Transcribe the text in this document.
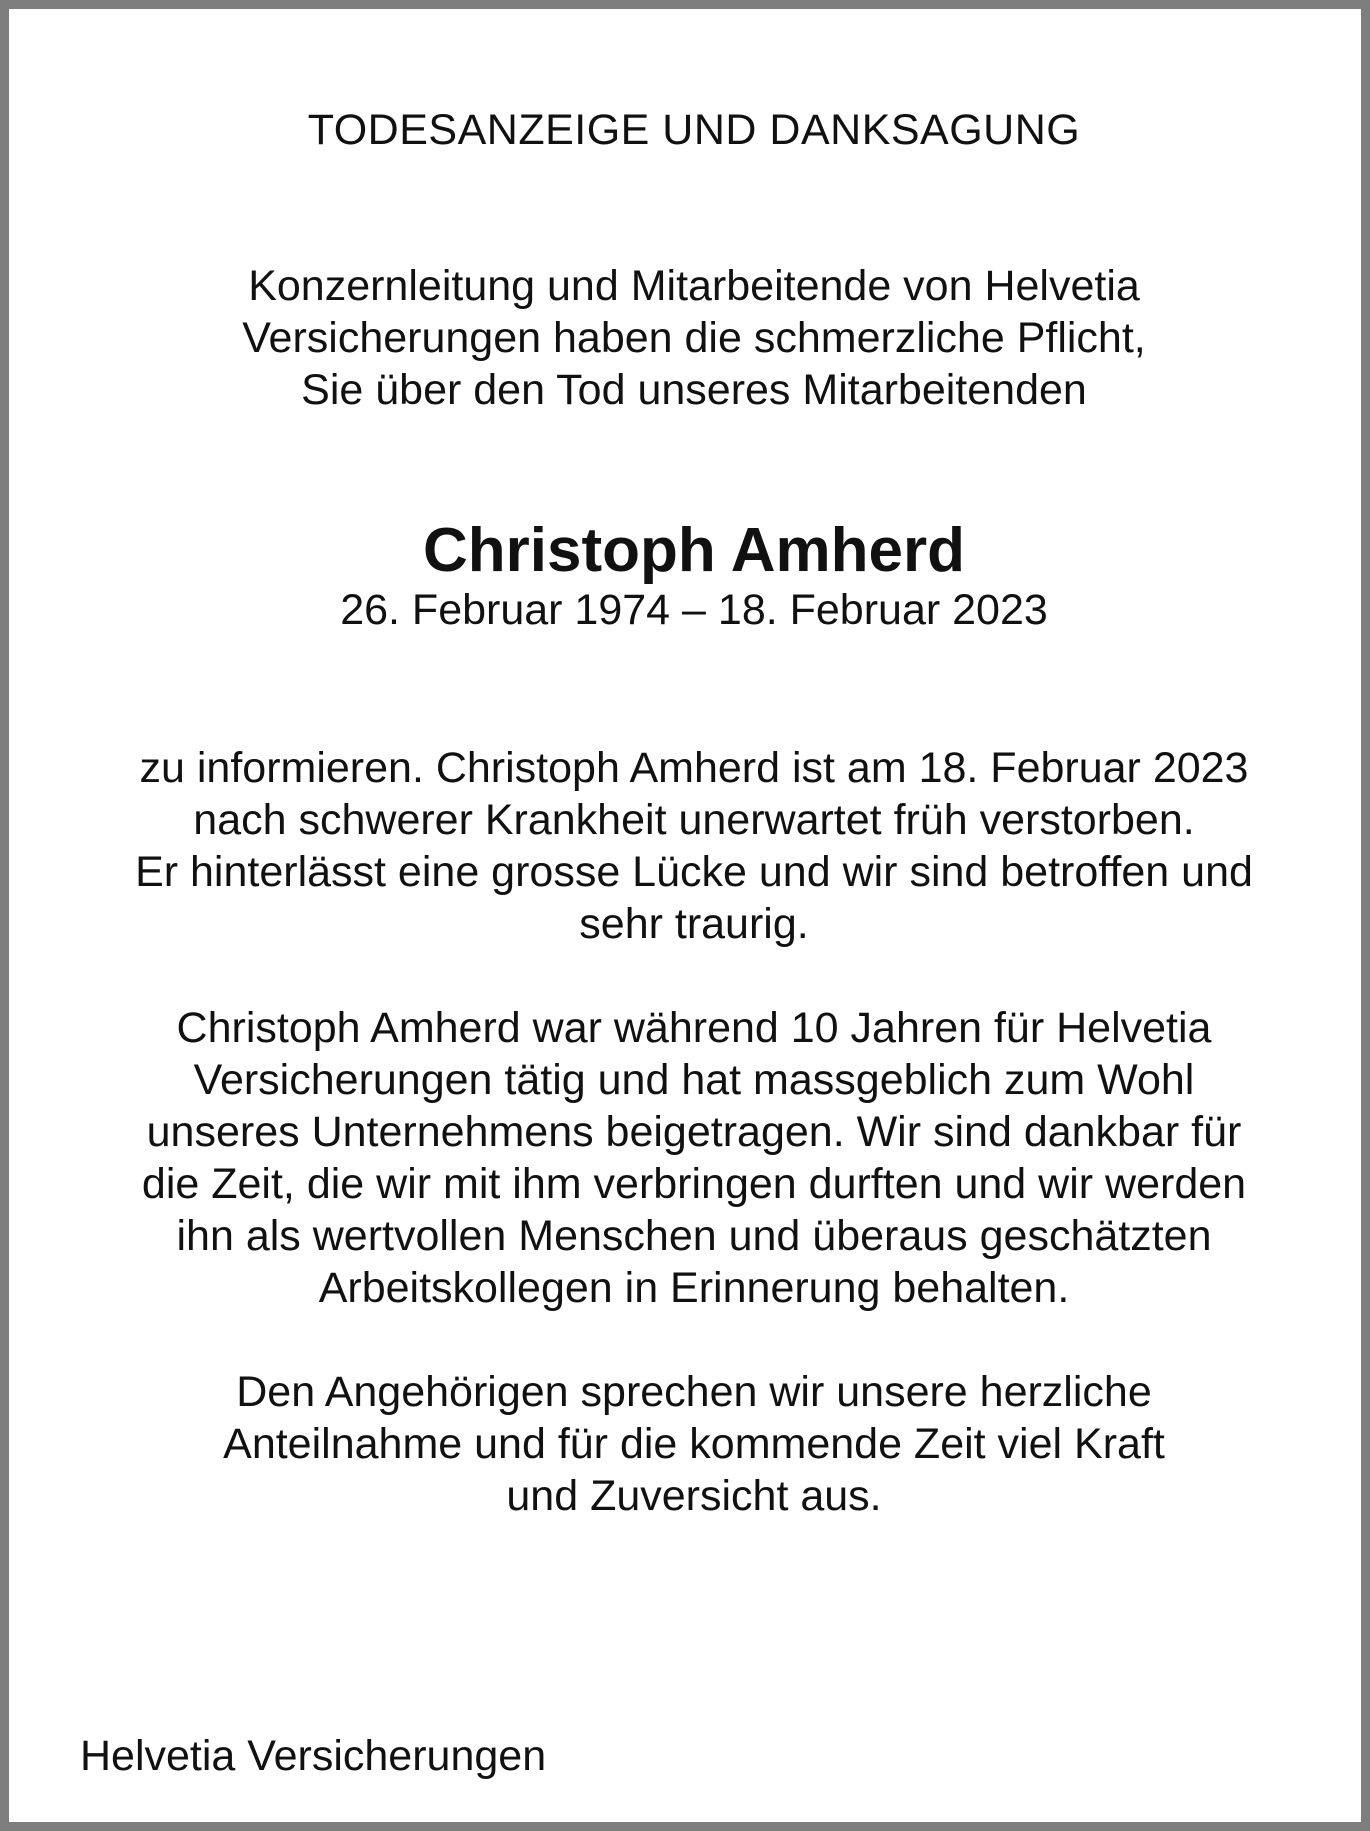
TODESANZEIGE UND DANKSAGUNG
Konzernleitung und Mitarbeitende von Helvetia
Versicherungen haben die schmerzliche Pflicht,
Sie über den Tod unseres Mitarbeitenden
Christoph Amherd
26. Februar 1974 – 18. Februar 2023
zu informieren. Christoph Amherd ist am 18. Februar 2023
nach schwerer Krankheit unerwartet früh verstorben.
Er hinterlässt eine grosse Lücke und wir sind betroffen und
sehr traurig.
Christoph Amherd war während 10 Jahren für Helvetia
Versicherungen tätig und hat massgeblich zum Wohl
unseres Unternehmens beigetragen. Wir sind dankbar für
die Zeit, die wir mit ihm verbringen durften und wir werden
ihn als wertvollen Menschen und überaus geschätzten
Arbeitskollegen in Erinnerung behalten.
Den Angehörigen sprechen wir unsere herzliche
Anteilnahme und für die kommende Zeit viel Kraft
und Zuversicht aus.
Helvetia Versicherungen
